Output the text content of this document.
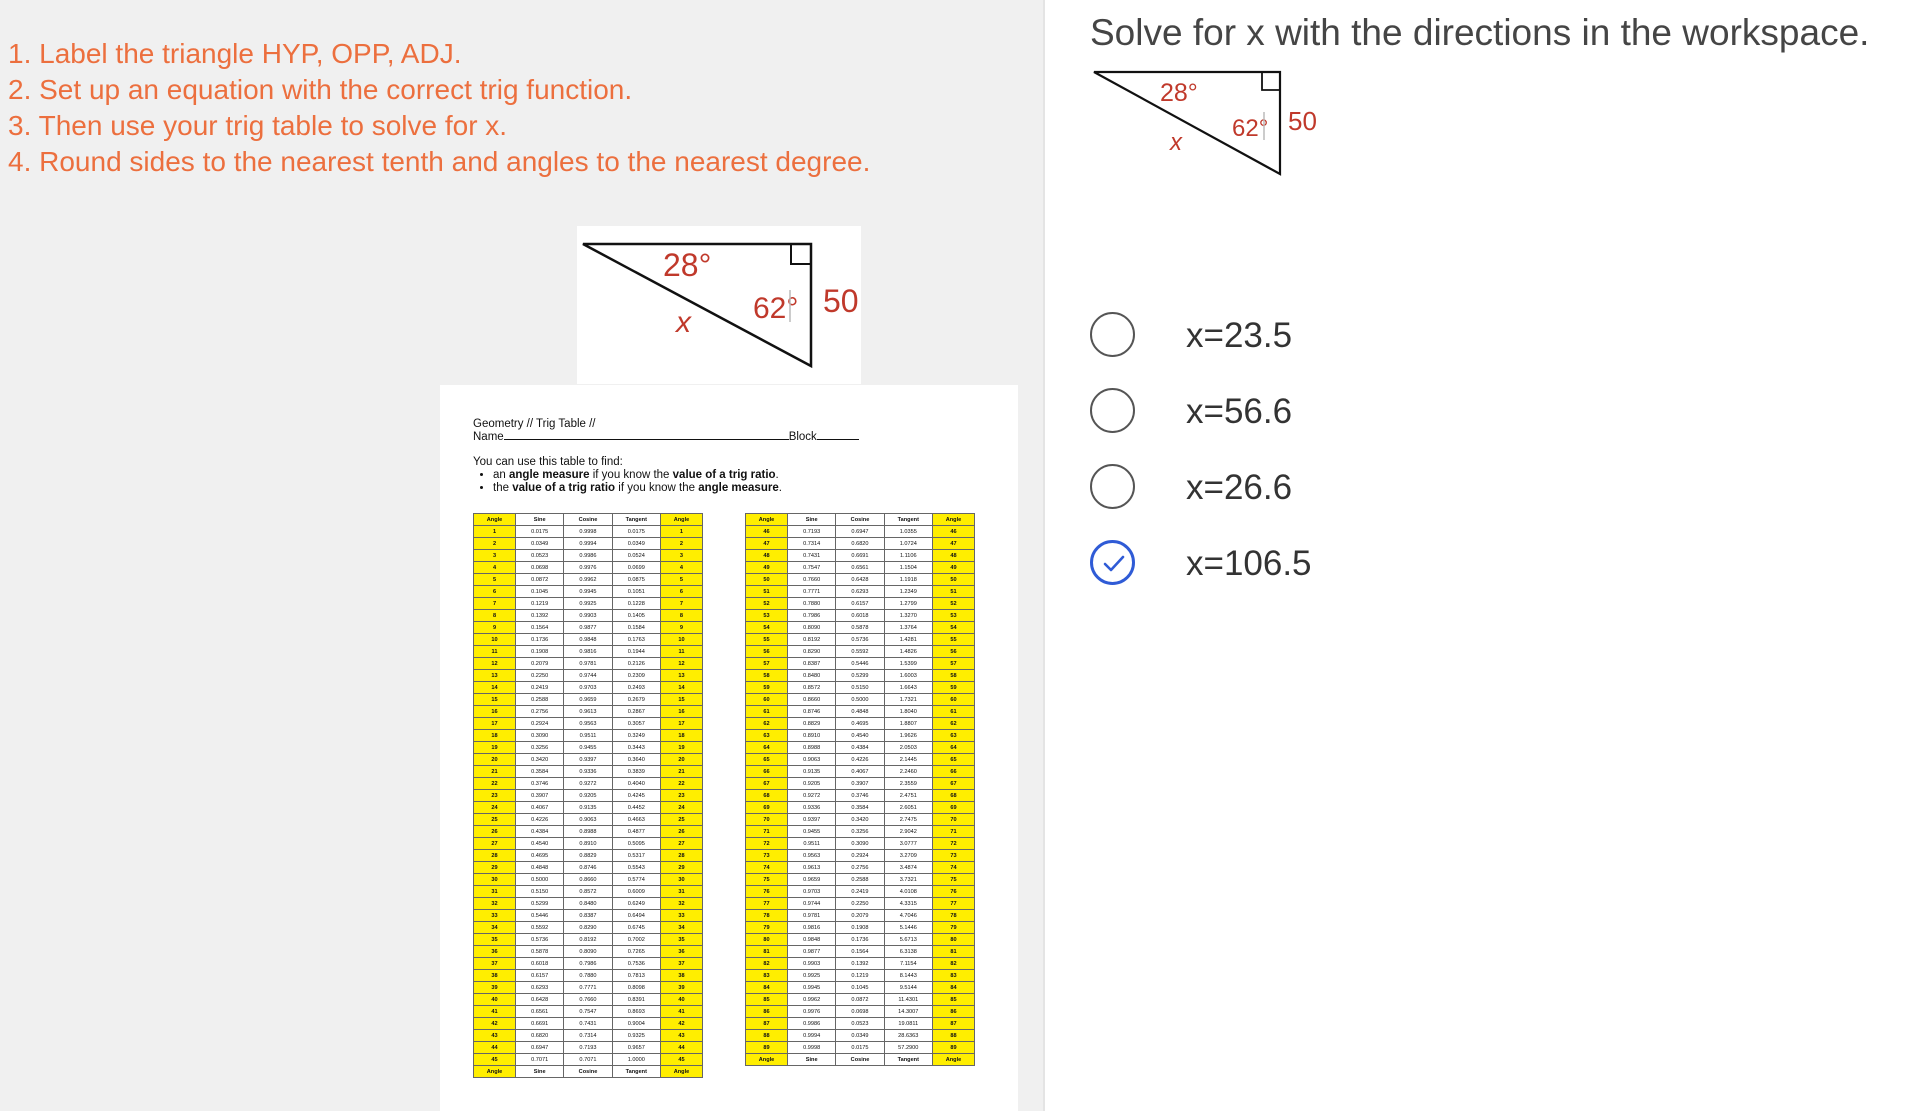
1. Label the triangle HYP, OPP, ADJ.
2. Set up an equation with the correct trig function.
3. Then use your trig table to solve for x.
4. Round sides to the nearest tenth and angles to the nearest degree.
28°
62° 50
x
Geometry // Trig Table //
Name	Block
You can use this table to find:
• an angle measure if you know the value of a trig ratio.
• the value of a trig ratio if you know the angle measure.
Angle	Sine	Cosine	Tangent	Angle
1	0.0175	0.9998	0.0175	1
2	0.0349	0.9994	0.0349	2
3	0.0523	0.9986	0.0524	3
4	0.0698	0.9976	0.0699	4
5	0.0872	0.9962	0.0875	5
6	0.1045	0.9945	0.1051	6
7	0.1219	0.9925	0.1228	7
8	0.1392	0.9903	0.1405	8
9	0.1564	0.9877	0.1584	9
10	0.1736	0.9848	0.1763	10
11	0.1908	0.9816	0.1944	11
12	0.2079	0.9781	0.2126	12
13	0.2250	0.9744	0.2309	13
14	0.2419	0.9703	0.2493	14
15	0.2588	0.9659	0.2679	15
16	0.2756	0.9613	0.2867	16
17	0.2924	0.9563	0.3057	17
18	0.3090	0.9511	0.3249	18
19	0.3256	0.9455	0.3443	19
20	0.3420	0.9397	0.3640	20
21	0.3584	0.9336	0.3839	21
22	0.3746	0.9272	0.4040	22
23	0.3907	0.9205	0.4245	23
24	0.4067	0.9135	0.4452	24
25	0.4226	0.9063	0.4663	25
26	0.4384	0.8988	0.4877	26
27	0.4540	0.8910	0.5095	27
28	0.4695	0.8829	0.5317	28
29	0.4848	0.8746	0.5543	29
30	0.5000	0.8660	0.5774	30
31	0.5150	0.8572	0.6009	31
32	0.5299	0.8480	0.6249	32
33	0.5446	0.8387	0.6494	33
34	0.5592	0.8290	0.6745	34
35	0.5736	0.8192	0.7002	35
36	0.5878	0.8090	0.7265	36
37	0.6018	0.7986	0.7536	37
38	0.6157	0.7880	0.7813	38
39	0.6293	0.7771	0.8098	39
40	0.6428	0.7660	0.8391	40
41	0.6561	0.7547	0.8693	41
42	0.6691	0.7431	0.9004	42
43	0.6820	0.7314	0.9325	43
44	0.6947	0.7193	0.9657	44
45	0.7071	0.7071	1.0000	45
Angle	Sine	Cosine	Tangent	Angle
Angle	Sine	Cosine	Tangent	Angle
46	0.7193	0.6947	1.0355	46
47	0.7314	0.6820	1.0724	47
48	0.7431	0.6691	1.1106	48
49	0.7547	0.6561	1.1504	49
50	0.7660	0.6428	1.1918	50
51	0.7771	0.6293	1.2349	51
52	0.7880	0.6157	1.2799	52
53	0.7986	0.6018	1.3270	53
54	0.8090	0.5878	1.3764	54
55	0.8192	0.5736	1.4281	55
56	0.8290	0.5592	1.4826	56
57	0.8387	0.5446	1.5399	57
58	0.8480	0.5299	1.6003	58
59	0.8572	0.5150	1.6643	59
60	0.8660	0.5000	1.7321	60
61	0.8746	0.4848	1.8040	61
62	0.8829	0.4695	1.8807	62
63	0.8910	0.4540	1.9626	63
64	0.8988	0.4384	2.0503	64
65	0.9063	0.4226	2.1445	65
66	0.9135	0.4067	2.2460	66
67	0.9205	0.3907	2.3559	67
68	0.9272	0.3746	2.4751	68
69	0.9336	0.3584	2.6051	69
70	0.9397	0.3420	2.7475	70
71	0.9455	0.3256	2.9042	71
72	0.9511	0.3090	3.0777	72
73	0.9563	0.2924	3.2709	73
74	0.9613	0.2756	3.4874	74
75	0.9659	0.2588	3.7321	75
76	0.9703	0.2419	4.0108	76
77	0.9744	0.2250	4.3315	77
78	0.9781	0.2079	4.7046	78
79	0.9816	0.1908	5.1446	79
80	0.9848	0.1736	5.6713	80
81	0.9877	0.1564	6.3138	81
82	0.9903	0.1392	7.1154	82
83	0.9925	0.1219	8.1443	83
84	0.9945	0.1045	9.5144	84
85	0.9962	0.0872	11.4301	85
86	0.9976	0.0698	14.3007	86
87	0.9986	0.0523	19.0811	87
88	0.9994	0.0349	28.6363	88
89	0.9998	0.0175	57.2900	89
Angle	Sine	Cosine	Tangent	Angle
Solve for x with the directions in the workspace.
28°
62° 50
x
x=23.5
x=56.6
x=26.6
x=106.5
